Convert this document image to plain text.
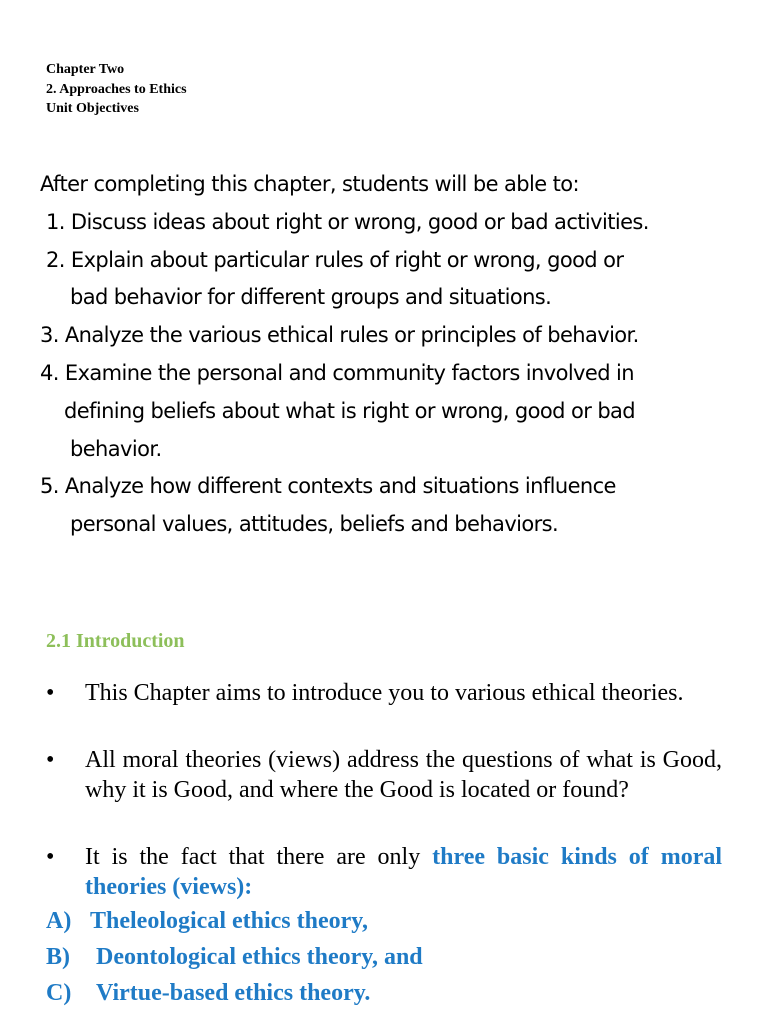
Chapter Two
2. Approaches to Ethics
Unit Objectives
After completing this chapter, students will be able to:
1. Discuss ideas about right or wrong, good or bad activities.
2. Explain about particular rules of right or wrong, good or
bad behavior for different groups and situations.
3. Analyze the various ethical rules or principles of behavior.
4. Examine the personal and community factors involved in
defining beliefs about what is right or wrong, good or bad
behavior.
5. Analyze how different contexts and situations influence
personal values, attitudes, beliefs and behaviors.
2.1 Introduction
• This Chapter aims to introduce you to various ethical theories.
• All moral theories (views) address the questions of what is Good, why it is Good, and where the Good is located or found?
• It is the fact that there are only three basic kinds of moral theories (views):
A) Theleological ethics theory,
B) Deontological ethics theory, and
C) Virtue-based ethics theory.
